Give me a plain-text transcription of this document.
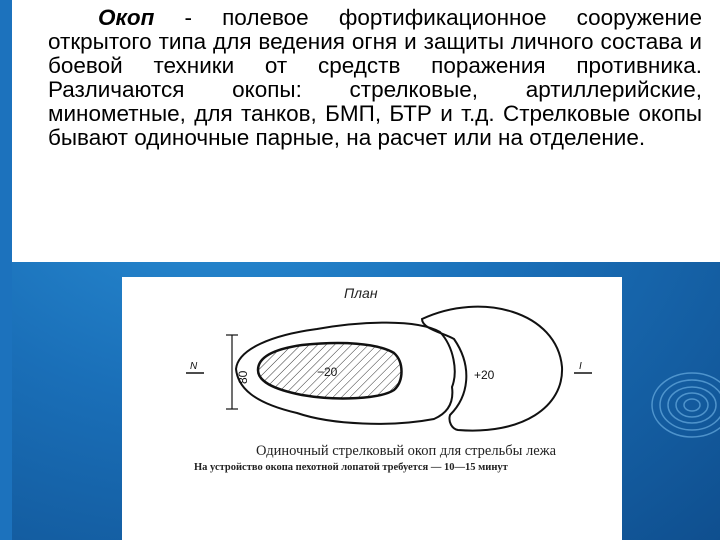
Окоп - полевое фортификационное сооружение открытого типа для ведения огня и защиты личного состава и боевой техники от средств поражения противника. Различаются окопы: стрелковые, артиллерийские, минометные, для танков, БМП, БТР и т.д. Стрелковые окопы бывают одиночные парные, на расчет или на отделение.

План
80
N	I
−20	+20
Одиночный стрелковый окоп для стрельбы лежа
На устройство окопа пехотной лопатой требуется — 10—15 минут
